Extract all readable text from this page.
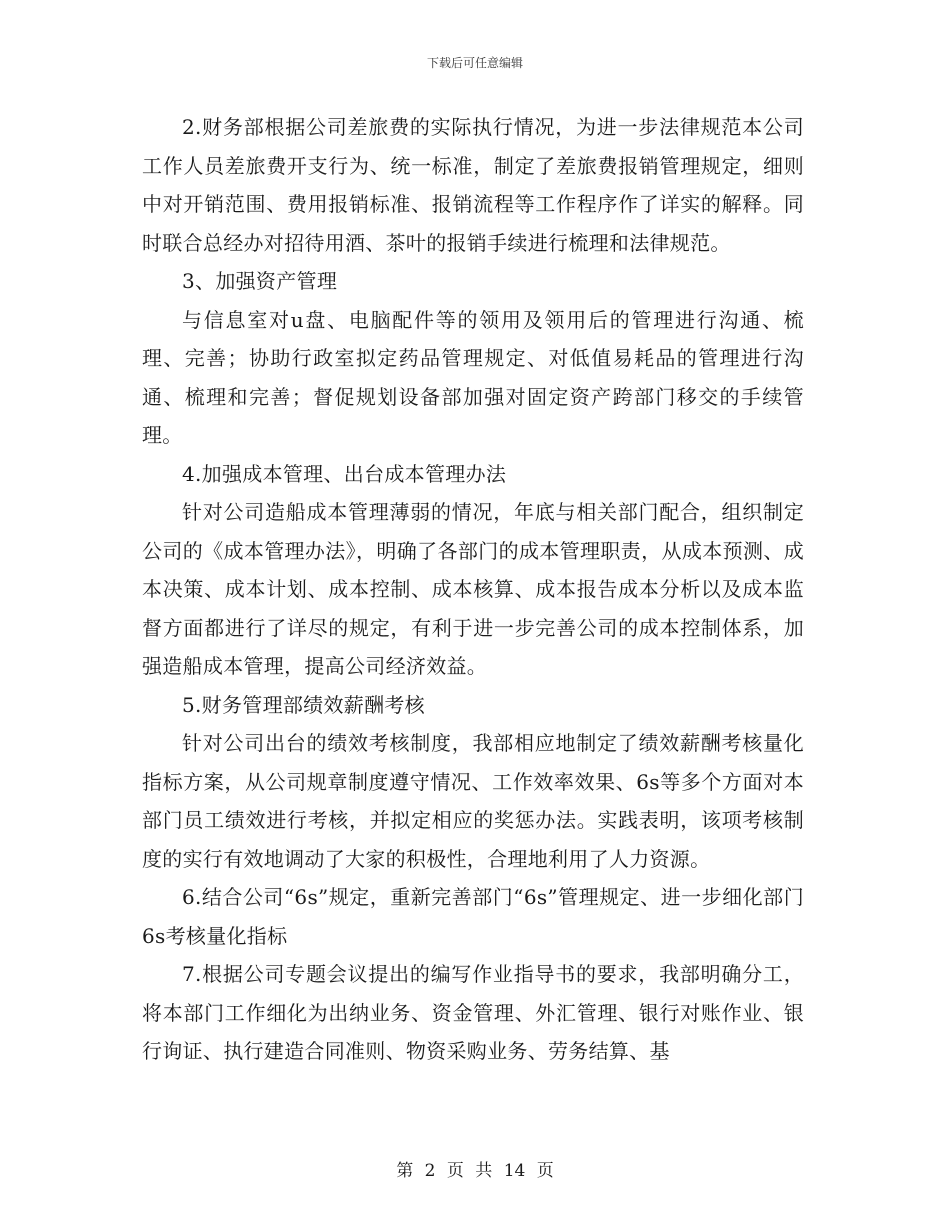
下载后可任意编辑

2.财务部根据公司差旅费的实际执行情况，为进一步法律规范本公司工作人员差旅费开支行为、统一标准，制定了差旅费报销管理规定，细则中对开销范围、费用报销标准、报销流程等工作程序作了详实的解释。同时联合总经办对招待用酒、茶叶的报销手续进行梳理和法律规范。

3、加强资产管理

与信息室对u盘、电脑配件等的领用及领用后的管理进行沟通、梳理、完善；协助行政室拟定药品管理规定、对低值易耗品的管理进行沟通、梳理和完善；督促规划设备部加强对固定资产跨部门移交的手续管理。

4.加强成本管理、出台成本管理办法

针对公司造船成本管理薄弱的情况，年底与相关部门配合，组织制定公司的《成本管理办法》，明确了各部门的成本管理职责，从成本预测、成本决策、成本计划、成本控制、成本核算、成本报告成本分析以及成本监督方面都进行了详尽的规定，有利于进一步完善公司的成本控制体系，加强造船成本管理，提高公司经济效益。

5.财务管理部绩效薪酬考核

针对公司出台的绩效考核制度，我部相应地制定了绩效薪酬考核量化指标方案，从公司规章制度遵守情况、工作效率效果、6s等多个方面对本部门员工绩效进行考核，并拟定相应的奖惩办法。实践表明，该项考核制度的实行有效地调动了大家的积极性，合理地利用了人力资源。

6.结合公司“6s”规定，重新完善部门“6s”管理规定、进一步细化部门6s考核量化指标

7.根据公司专题会议提出的编写作业指导书的要求，我部明确分工，将本部门工作细化为出纳业务、资金管理、外汇管理、银行对账作业、银行询证、执行建造合同准则、物资采购业务、劳务结算、基

第 2 页 共 14 页
